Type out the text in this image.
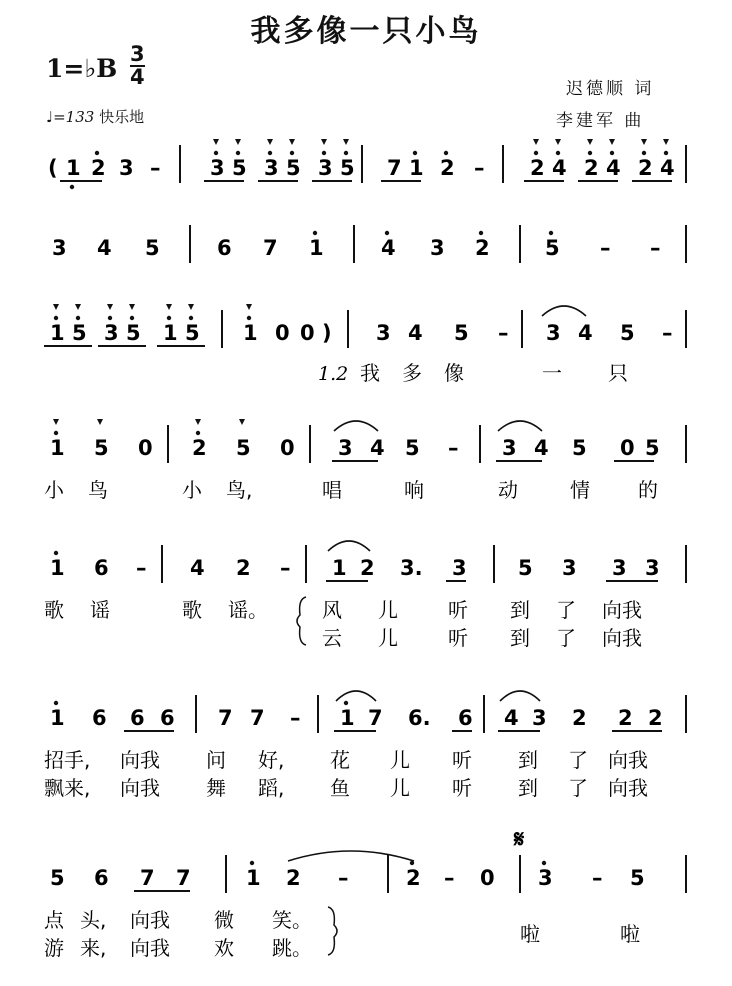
我多像一只小鸟
1=♭B 3
4
♩=133 快乐地
迟德顺 词
李建军 曲
( 1 2 3 – 3 5 3 5 3 5 7 1 2 – 2 4 2 4 2 4
3 4 5	6 7 1	4 3 2	5 – –
1 5 3 5 1 5 1 0 0 ) 3 4 5 – 3 4 5 –
1.2 我 多 像	一 只
1 5 0 2 5 0 3 4 5 – 3 4 5 0 5
小 鸟	小 鸟,	唱	响	动	情 的
1 6 – 4 2 – 1 2 3. 3 5 3 3 3
歌 谣	歌 谣。	风 儿	听 到 了 向我
云 儿	听 到 了 向我
1 6 6 6 7 7 – 1 7 6. 6 4 3 2 2 2
招手, 向我 问 好, 花 儿 听 到 了 向我
飘来, 向我 舞 蹈, 鱼 儿 听 到 了 向我
5 6 7 7	1 2 –	2 – 0 3 – 5
点 头, 向我 微 笑。
游 来, 向我 欢 跳。
啦	啦
𝄋
